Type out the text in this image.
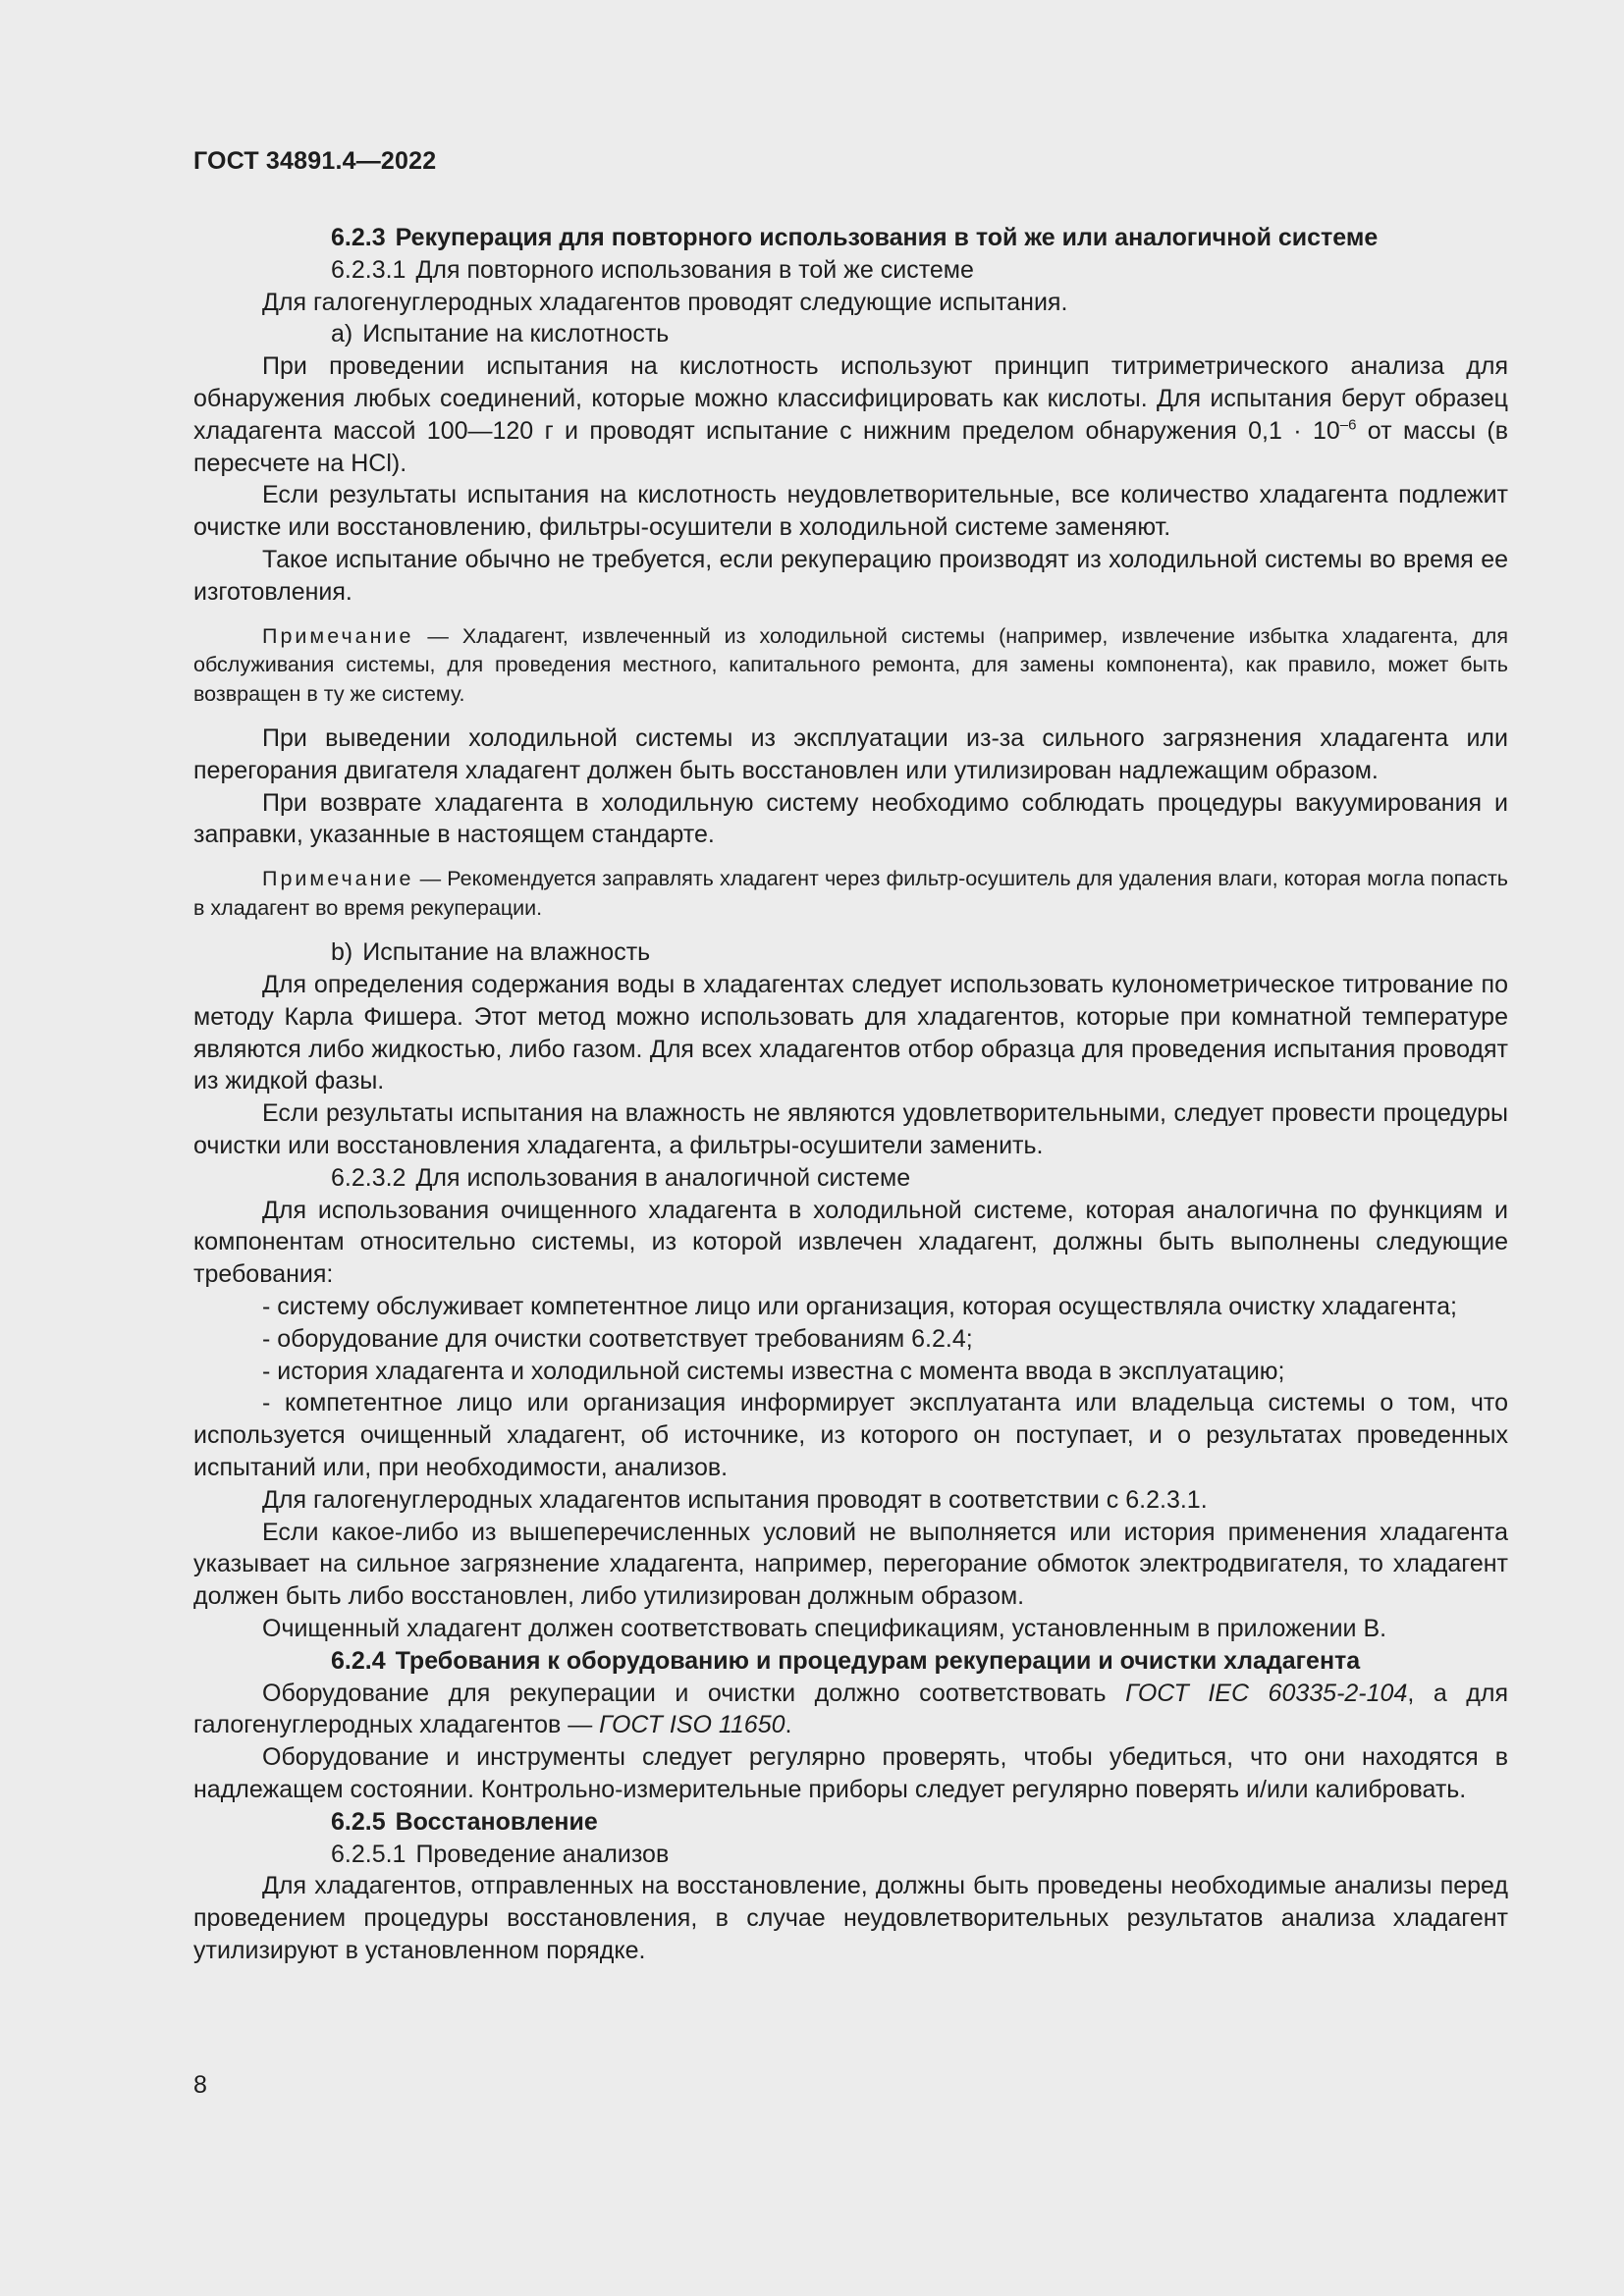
ГОСТ 34891.4—2022

6.2.3 Рекуперация для повторного использования в той же или аналогичной системе

6.2.3.1 Для повторного использования в той же системе

Для галогенуглеродных хладагентов проводят следующие испытания.

а) Испытание на кислотность

При проведении испытания на кислотность используют принцип титриметрического анализа для обнаружения любых соединений, которые можно классифицировать как кислоты. Для испытания берут образец хладагента массой 100—120 г и проводят испытание с нижним пределом обнаружения $0,1 \cdot 10^{-6}$ от массы (в пересчете на HCl).

Если результаты испытания на кислотность неудовлетворительные, все количество хладагента подлежит очистке или восстановлению, фильтры-осушители в холодильной системе заменяют.

Такое испытание обычно не требуется, если рекуперацию производят из холодильной системы во время ее изготовления.

Примечание — Хладагент, извлеченный из холодильной системы (например, извлечение избытка хладагента, для обслуживания системы, для проведения местного, капитального ремонта, для замены компонента), как правило, может быть возвращен в ту же систему.

При выведении холодильной системы из эксплуатации из-за сильного загрязнения хладагента или перегорания двигателя хладагент должен быть восстановлен или утилизирован надлежащим образом.

При возврате хладагента в холодильную систему необходимо соблюдать процедуры вакуумирования и заправки, указанные в настоящем стандарте.

Примечание — Рекомендуется заправлять хладагент через фильтр-осушитель для удаления влаги, которая могла попасть в хладагент во время рекуперации.

b) Испытание на влажность

Для определения содержания воды в хладагентах следует использовать кулонометрическое титрование по методу Карла Фишера. Этот метод можно использовать для хладагентов, которые при комнатной температуре являются либо жидкостью, либо газом. Для всех хладагентов отбор образца для проведения испытания проводят из жидкой фазы.

Если результаты испытания на влажность не являются удовлетворительными, следует провести процедуры очистки или восстановления хладагента, а фильтры-осушители заменить.

6.2.3.2 Для использования в аналогичной системе

Для использования очищенного хладагента в холодильной системе, которая аналогична по функциям и компонентам относительно системы, из которой извлечен хладагент, должны быть выполнены следующие требования:

- систему обслуживает компетентное лицо или организация, которая осуществляла очистку хладагента;

- оборудование для очистки соответствует требованиям 6.2.4;

- история хладагента и холодильной системы известна с момента ввода в эксплуатацию;

- компетентное лицо или организация информирует эксплуатанта или владельца системы о том, что используется очищенный хладагент, об источнике, из которого он поступает, и о результатах проведенных испытаний или, при необходимости, анализов.

Для галогенуглеродных хладагентов испытания проводят в соответствии с 6.2.3.1.

Если какое-либо из вышеперечисленных условий не выполняется или история применения хладагента указывает на сильное загрязнение хладагента, например, перегорание обмоток электродвигателя, то хладагент должен быть либо восстановлен, либо утилизирован должным образом.

Очищенный хладагент должен соответствовать спецификациям, установленным в приложении В.

6.2.4 Требования к оборудованию и процедурам рекуперации и очистки хладагента

Оборудование для рекуперации и очистки должно соответствовать ГОСТ IEC 60335-2-104, а для галогенуглеродных хладагентов — ГОСТ ISO 11650.

Оборудование и инструменты следует регулярно проверять, чтобы убедиться, что они находятся в надлежащем состоянии. Контрольно-измерительные приборы следует регулярно поверять и/или калибровать.

6.2.5 Восстановление

6.2.5.1 Проведение анализов

Для хладагентов, отправленных на восстановление, должны быть проведены необходимые анализы перед проведением процедуры восстановления, в случае неудовлетворительных результатов анализа хладагент утилизируют в установленном порядке.

8
